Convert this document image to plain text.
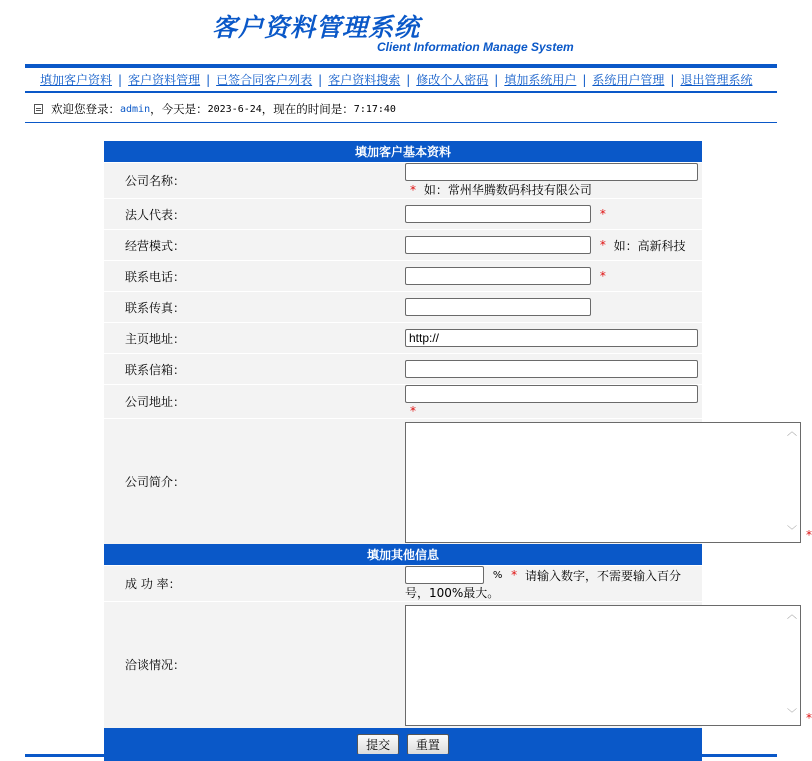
客户资料管理系统
Client Information Manage System
填加客户资料 | 客户资料管理 | 已签合同客户列表 | 客户资料搜索 | 修改个人密码 | 填加系统用户 | 系统用户管理 | 退出管理系统
欢迎您登录： admin ，今天是： 2023-6-24 ，现在的时间是： 7:17:40
填加客户基本资料	
公司名称：	* 如：常州华腾数码科技有限公司
法人代表：	*
经营模式：	* 如：高新科技
联系电话：	*
联系传真：	
主页地址：	http://
联系信箱：	
公司地址：	*
公司简介：	︿
﹀ *

填加其他信息	
成 功 率：	% * 请输入数字，不需要输入百分号，100%最大。
洽谈情况：	︿
﹀ *

提交 重置	
